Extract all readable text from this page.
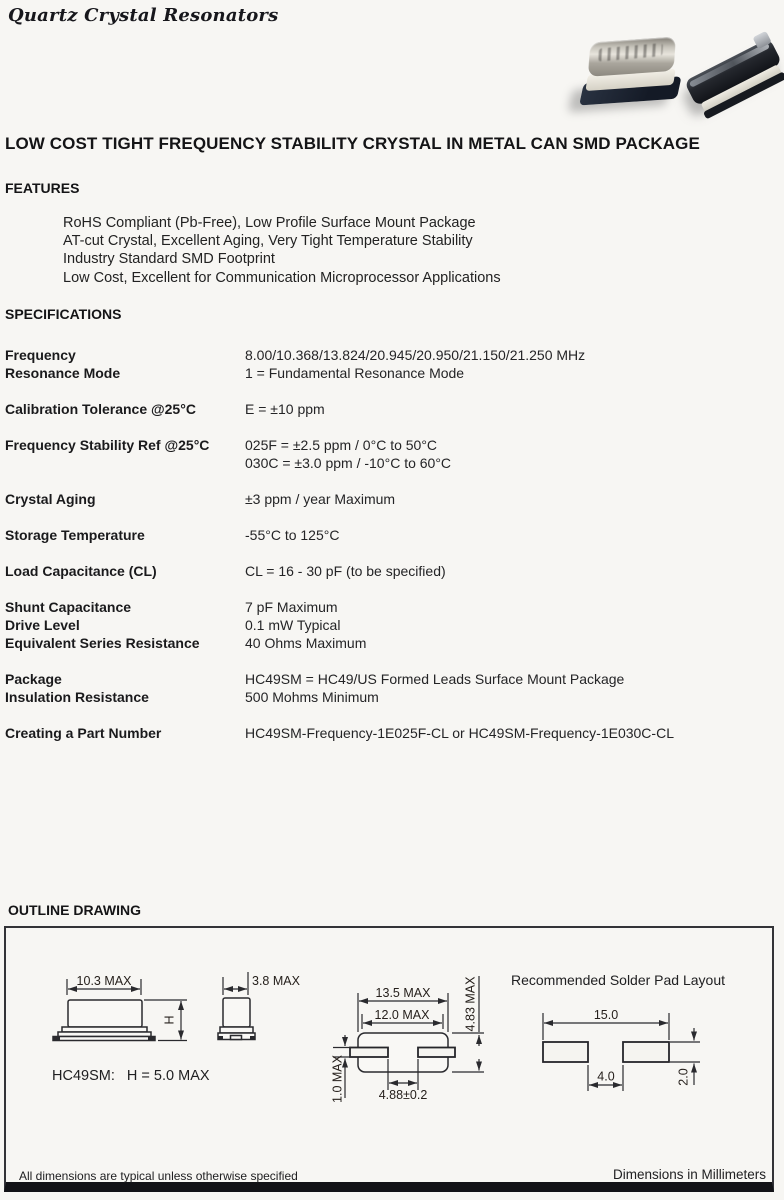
Quartz Crystal Resonators
LOW COST TIGHT FREQUENCY STABILITY CRYSTAL IN METAL CAN SMD PACKAGE
FEATURES
RoHS Compliant (Pb-Free), Low Profile Surface Mount Package
AT-cut Crystal, Excellent Aging, Very Tight Temperature Stability
Industry Standard SMD Footprint
Low Cost, Excellent for Communication Microprocessor Applications
SPECIFICATIONS
Frequency	8.00/10.368/13.824/20.945/20.950/21.150/21.250 MHz
Resonance Mode	1 = Fundamental Resonance Mode
Calibration Tolerance @25°C	E = ±10 ppm
Frequency Stability Ref @25°C	025F = ±2.5 ppm / 0°C to 50°C
030C = ±3.0 ppm / -10°C to 60°C
Crystal Aging	±3 ppm / year Maximum
Storage Temperature	-55°C to 125°C
Load Capacitance (CL)	CL = 16 - 30 pF (to be specified)
Shunt Capacitance	7 pF Maximum
Drive Level	0.1 mW Typical
Equivalent Series Resistance	40 Ohms Maximum
Package	HC49SM = HC49/US Formed Leads Surface Mount Package
Insulation Resistance	500 Mohms Minimum
Creating a Part Number	HC49SM-Frequency-1E025F-CL or HC49SM-Frequency-1E030C-CL
OUTLINE DRAWING
Recommended Solder Pad Layout
10.3 MAX
H
3.8 MAX
13.5 MAX
12.0 MAX	4.83 MAX
1.0 MAX	4.88±0.2
15.0
4.0	2.0
HC49SM:   H = 5.0 MAX
All dimensions are typical unless otherwise specified	Dimensions in Millimeters
